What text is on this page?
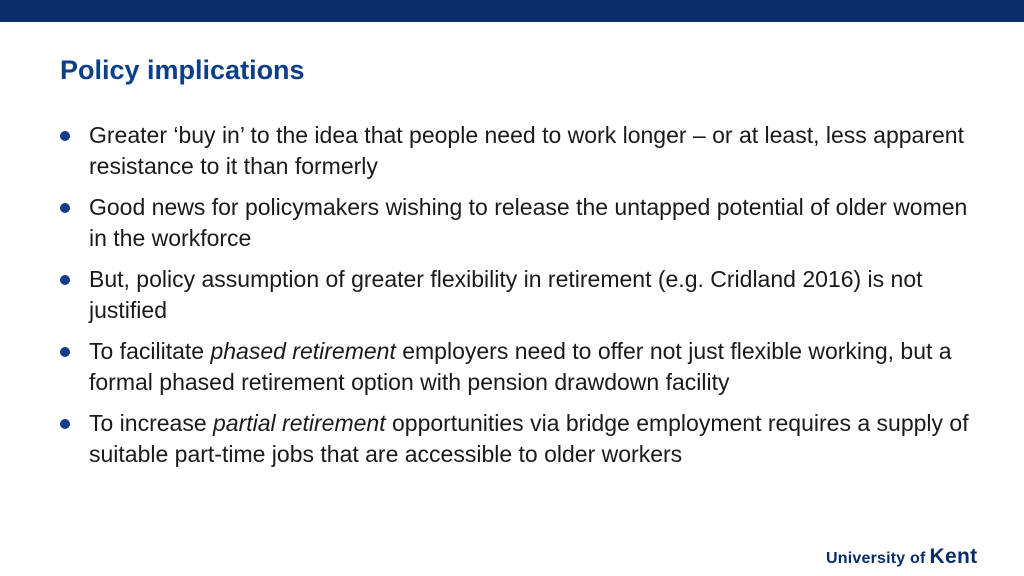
Policy implications
Greater ‘buy in’ to the idea that people need to work longer – or at least, less apparent resistance to it than formerly
Good news for policymakers wishing to release the untapped potential of older women in the workforce
But, policy assumption of greater flexibility in retirement (e.g. Cridland 2016) is not justified
To facilitate phased retirement employers need to offer not just flexible working, but a formal phased retirement option with pension drawdown facility
To increase partial retirement opportunities via bridge employment requires a supply of suitable part-time jobs that are accessible to older workers
University of Kent
